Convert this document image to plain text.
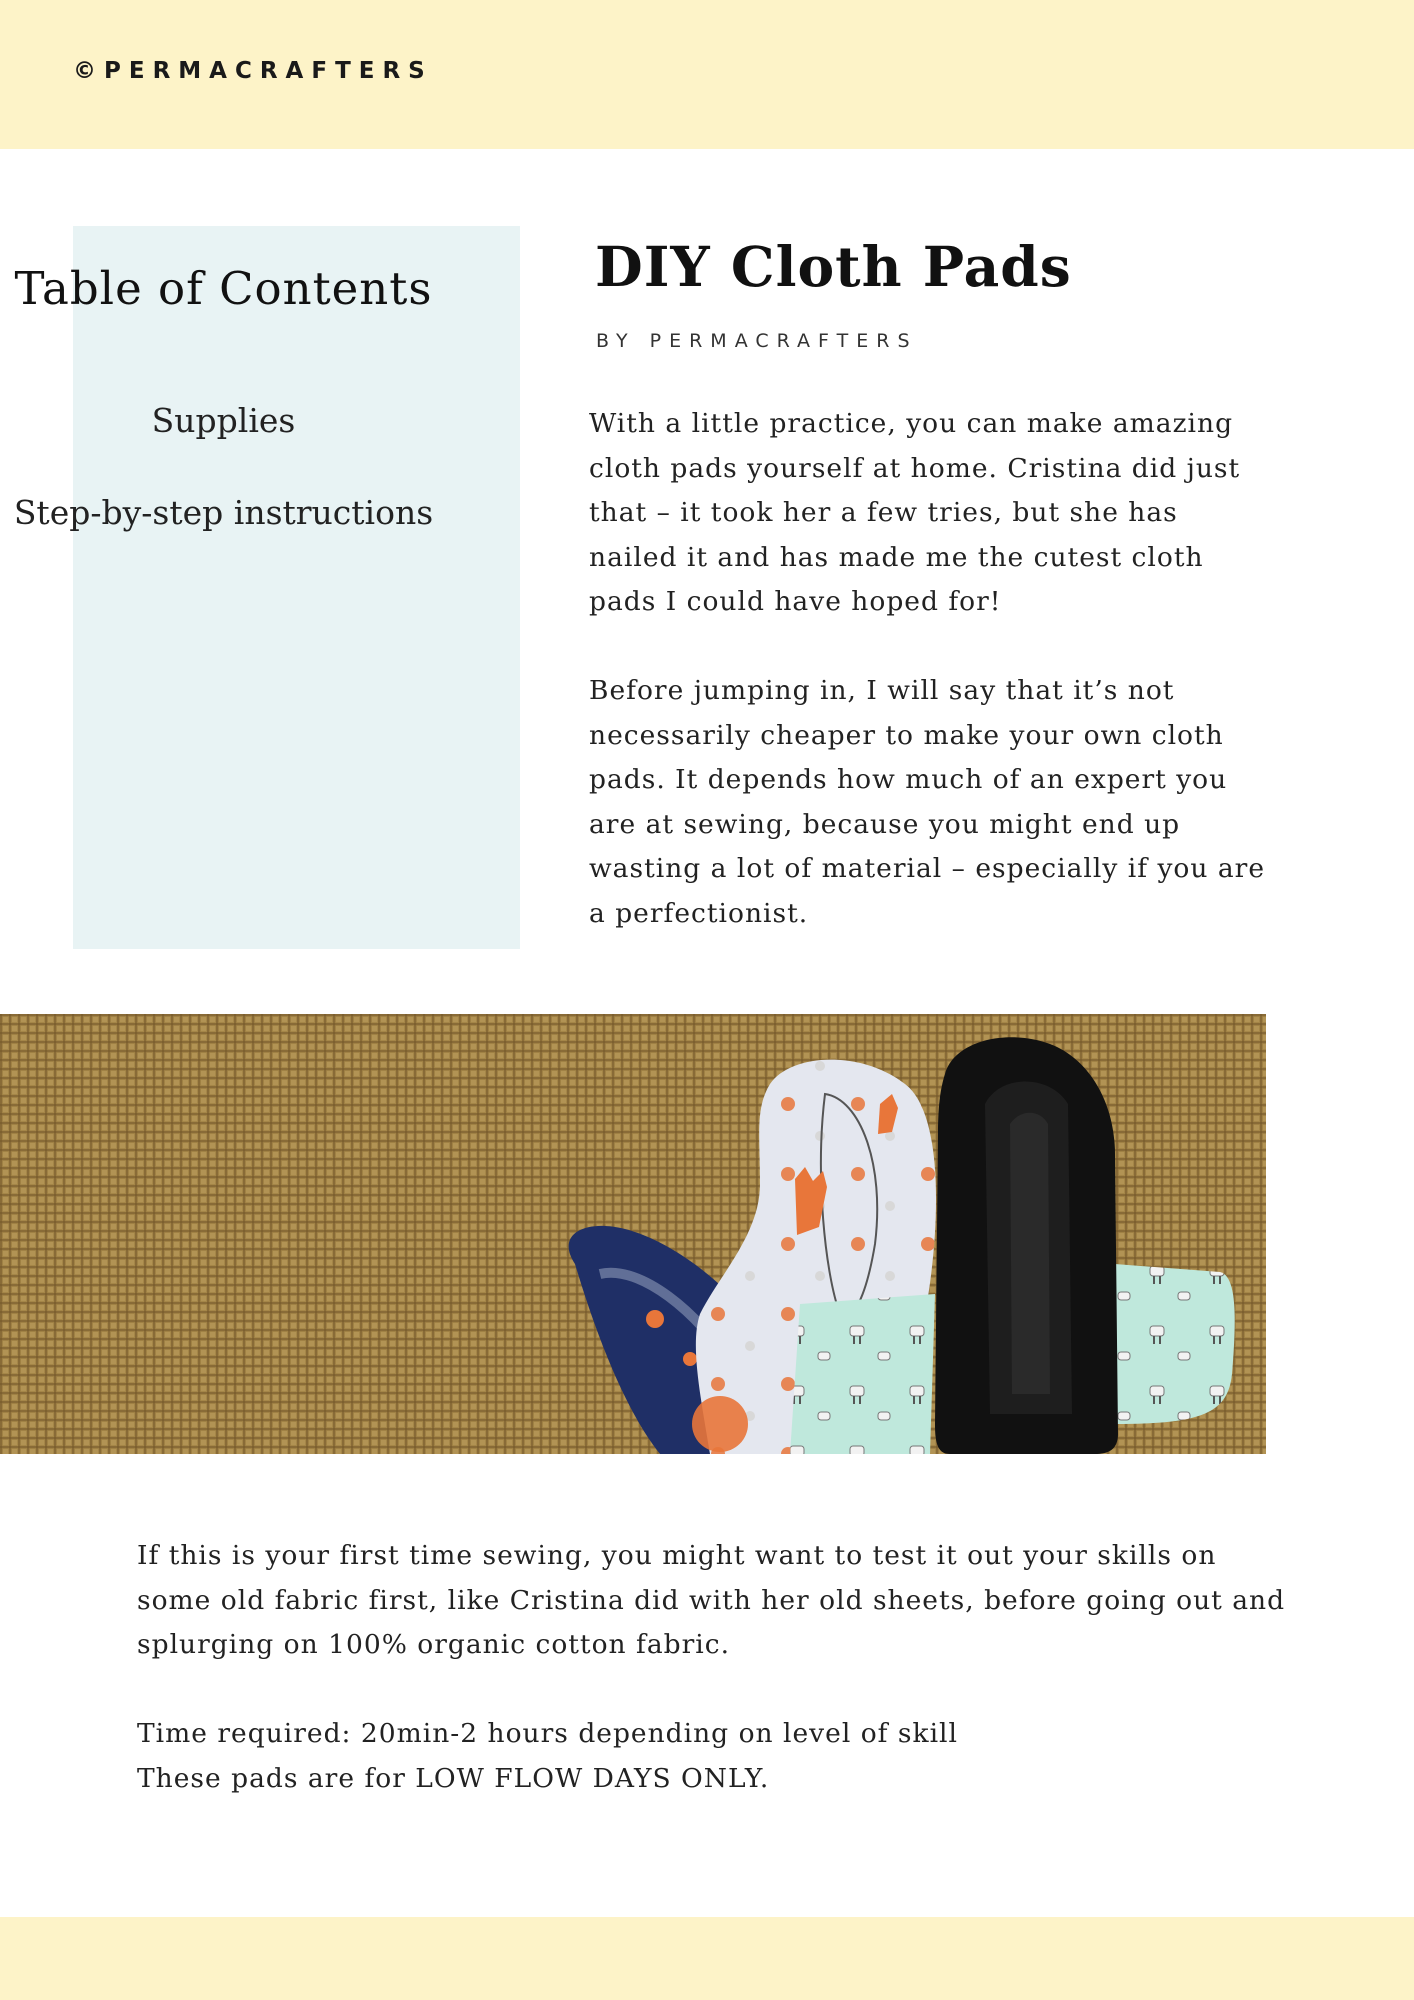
©PERMACRAFTERS
Table of Contents
Supplies
Step-by-step instructions
DIY Cloth Pads
BY PERMACRAFTERS

With a little practice, you can make amazing cloth pads yourself at home. Cristina did just that – it took her a few tries, but she has nailed it and has made me the cutest cloth pads I could have hoped for!

Before jumping in, I will say that it’s not necessarily cheaper to make your own cloth pads. It depends how much of an expert you are at sewing, because you might end up wasting a lot of material – especially if you are a perfectionist.

If this is your first time sewing, you might want to test it out your skills on some old fabric first, like Cristina did with her old sheets, before going out and splurging on 100% organic cotton fabric.

Time required: 20min-2 hours depending on level of skill
These pads are for LOW FLOW DAYS ONLY.
